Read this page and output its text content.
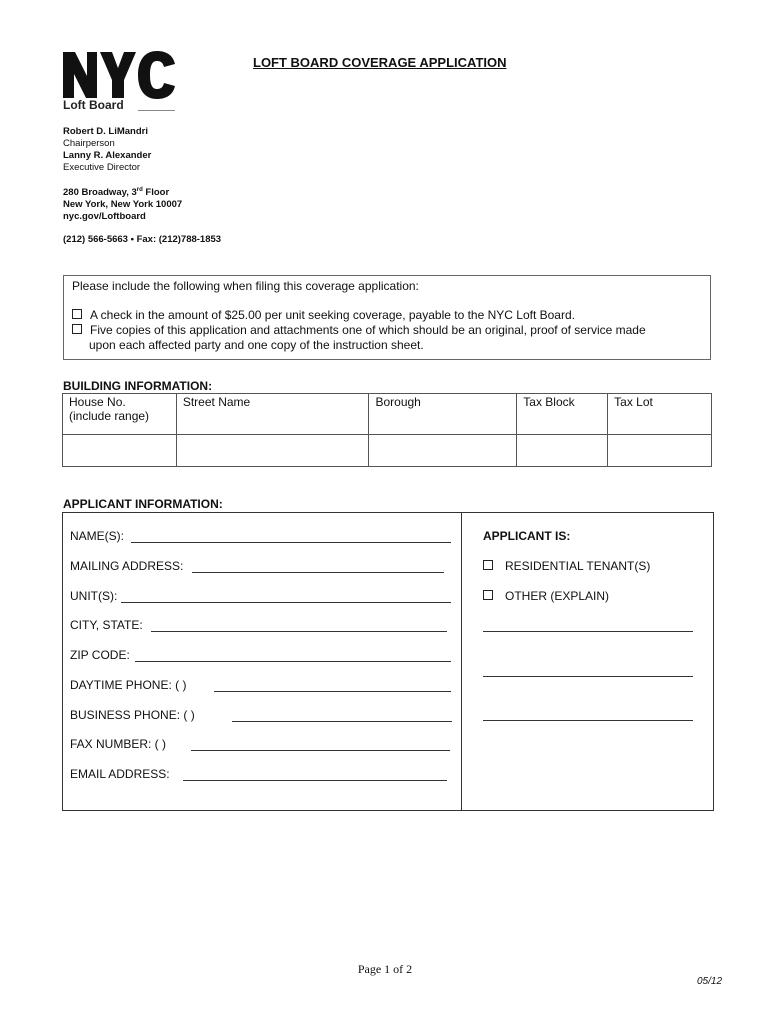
Loft Board
LOFT BOARD COVERAGE APPLICATION
Robert D. LiMandri
Chairperson
Lanny R. Alexander
Executive Director
280 Broadway, 3rd Floor
New York, New York 10007
nyc.gov/Loftboard
(212) 566-5663 • Fax: (212)788-1853
Please include the following when filing this coverage application:
A check in the amount of $25.00 per unit seeking coverage, payable to the NYC Loft Board.
Five copies of this application and attachments one of which should be an original, proof of service made
upon each affected party and one copy of the instruction sheet.
BUILDING INFORMATION:
House No.
(include range)	Street Name	Borough	Tax Block	Tax Lot

APPLICANT INFORMATION:
NAME(S):
MAILING ADDRESS:
UNIT(S):
CITY, STATE:
ZIP CODE:
DAYTIME PHONE: ( )
BUSINESS PHONE: ( )
FAX NUMBER: ( )
EMAIL ADDRESS:
APPLICANT IS:
RESIDENTIAL TENANT(S)
OTHER (EXPLAIN)
Page 1 of 2
05/12
